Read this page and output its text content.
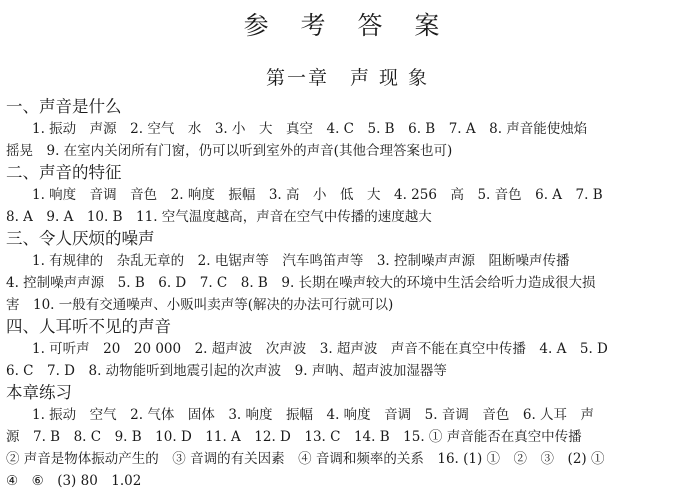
参 考 答 案
第一章　声 现 象
一、声音是什么
1. 振动　声源　2. 空气　水　3. 小　大　真空　4. C　5. B　6. B　7. A　8. 声音能使烛焰
摇晃　9. 在室内关闭所有门窗，仍可以听到室外的声音(其他合理答案也可)
二、声音的特征
1. 响度　音调　音色　2. 响度　振幅　3. 高　小　低　大　4. 256　高　5. 音色　6. A　7. B
8. A　9. A　10. B　11. 空气温度越高，声音在空气中传播的速度越大
三、令人厌烦的噪声
1. 有规律的　杂乱无章的　2. 电锯声等　汽车鸣笛声等　3. 控制噪声声源　阻断噪声传播
4. 控制噪声声源　5. B　6. D　7. C　8. B　9. 长期在噪声较大的环境中生活会给听力造成很大损
害　10. 一般有交通噪声、小贩叫卖声等(解决的办法可行就可以)
四、人耳听不见的声音
1. 可听声　20　20 000　2. 超声波　次声波　3. 超声波　声音不能在真空中传播　4. A　5. D
6. C　7. D　8. 动物能听到地震引起的次声波　9. 声呐、超声波加湿器等
本章练习
1. 振动　空气　2. 气体　固体　3. 响度　振幅　4. 响度　音调　5. 音调　音色　6. 人耳　声
源　7. B　8. C　9. B　10. D　11. A　12. D　13. C　14. B　15. ① 声音能否在真空中传播
② 声音是物体振动产生的　③ 音调的有关因素　④ 音调和频率的关系　16. (1) ①　②　③　(2) ①
④　⑥　(3) 80　1.02
